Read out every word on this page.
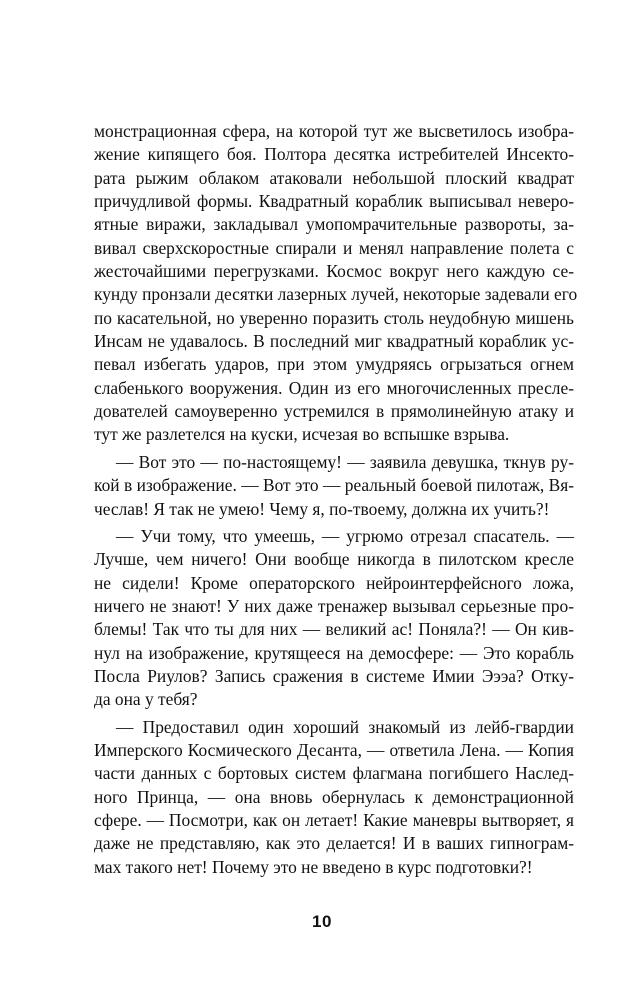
монстрационная сфера, на которой тут же высветилось изобра-
жение кипящего боя. Полтора десятка истребителей Инсекто-
рата рыжим облаком атаковали небольшой плоский квадрат
причудливой формы. Квадратный кораблик выписывал неверо-
ятные виражи, закладывал умопомрачительные развороты, за-
вивал сверхскоростные спирали и менял направление полета с
жесточайшими перегрузками. Космос вокруг него каждую се-
кунду пронзали десятки лазерных лучей, некоторые задевали его
по касательной, но уверенно поразить столь неудобную мишень
Инсам не удавалось. В последний миг квадратный кораблик ус-
певал избегать ударов, при этом умудряясь огрызаться огнем
слабенького вооружения. Один из его многочисленных пресле-
дователей самоуверенно устремился в прямолинейную атаку и
тут же разлетелся на куски, исчезая во вспышке взрыва.

— Вот это — по-настоящему! — заявила девушка, ткнув ру-
кой в изображение. — Вот это — реальный боевой пилотаж, Вя-
чеслав! Я так не умею! Чему я, по-твоему, должна их учить?!

— Учи тому, что умеешь, — угрюмо отрезал спасатель. —
Лучше, чем ничего! Они вообще никогда в пилотском кресле
не сидели! Кроме операторского нейроинтерфейсного ложа,
ничего не знают! У них даже тренажер вызывал серьезные про-
блемы! Так что ты для них — великий ас! Поняла?! — Он кив-
нул на изображение, крутящееся на демосфере: — Это корабль
Посла Риулов? Запись сражения в системе Имии Эээа? Отку-
да она у тебя?

— Предоставил один хороший знакомый из лейб-гвардии
Имперского Космического Десанта, — ответила Лена. — Копия
части данных с бортовых систем флагмана погибшего Наслед-
ного Принца, — она вновь обернулась к демонстрационной
сфере. — Посмотри, как он летает! Какие маневры вытворяет, я
даже не представляю, как это делается! И в ваших гипнограм-
мах такого нет! Почему это не введено в курс подготовки?!

10
